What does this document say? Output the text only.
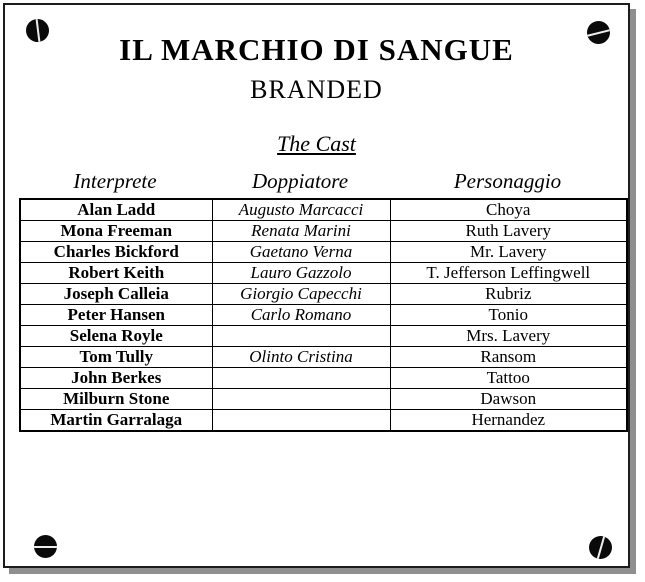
IL MARCHIO DI SANGUE
BRANDED
The Cast
Interprete	Doppiatore	Personaggio
Alan Ladd	Augusto Marcacci	Choya
Mona Freeman	Renata Marini	Ruth Lavery
Charles Bickford	Gaetano Verna	Mr. Lavery
Robert Keith	Lauro Gazzolo	T. Jefferson Leffingwell
Joseph Calleia	Giorgio Capecchi	Rubriz
Peter Hansen	Carlo Romano	Tonio
Selena Royle		Mrs. Lavery
Tom Tully	Olinto Cristina	Ransom
John Berkes		Tattoo
Milburn Stone		Dawson
Martin Garralaga		Hernandez
